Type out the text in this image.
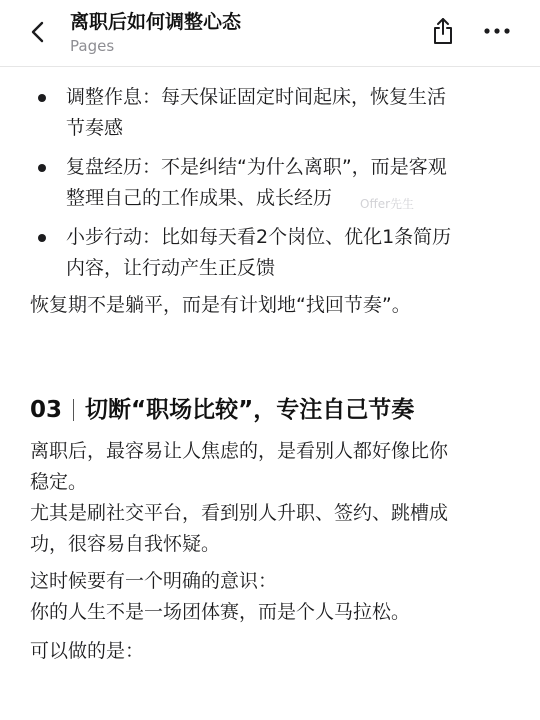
离职后如何调整心态
Pages
调整作息：每天保证固定时间起床，恢复生活
节奏感
复盘经历：不是纠结“为什么离职”，而是客观
整理自己的工作成果、成长经历
小步行动：比如每天看2个岗位、优化1条简历
内容，让行动产生正反馈
Offer先生
恢复期不是躺平，而是有计划地“找回节奏”。
03 切断“职场比较”，专注自己节奏
离职后，最容易让人焦虑的，是看别人都好像比你
稳定。
尤其是刷社交平台，看到别人升职、签约、跳槽成
功，很容易自我怀疑。
这时候要有一个明确的意识：
你的人生不是一场团体赛，而是个人马拉松。
可以做的是：
